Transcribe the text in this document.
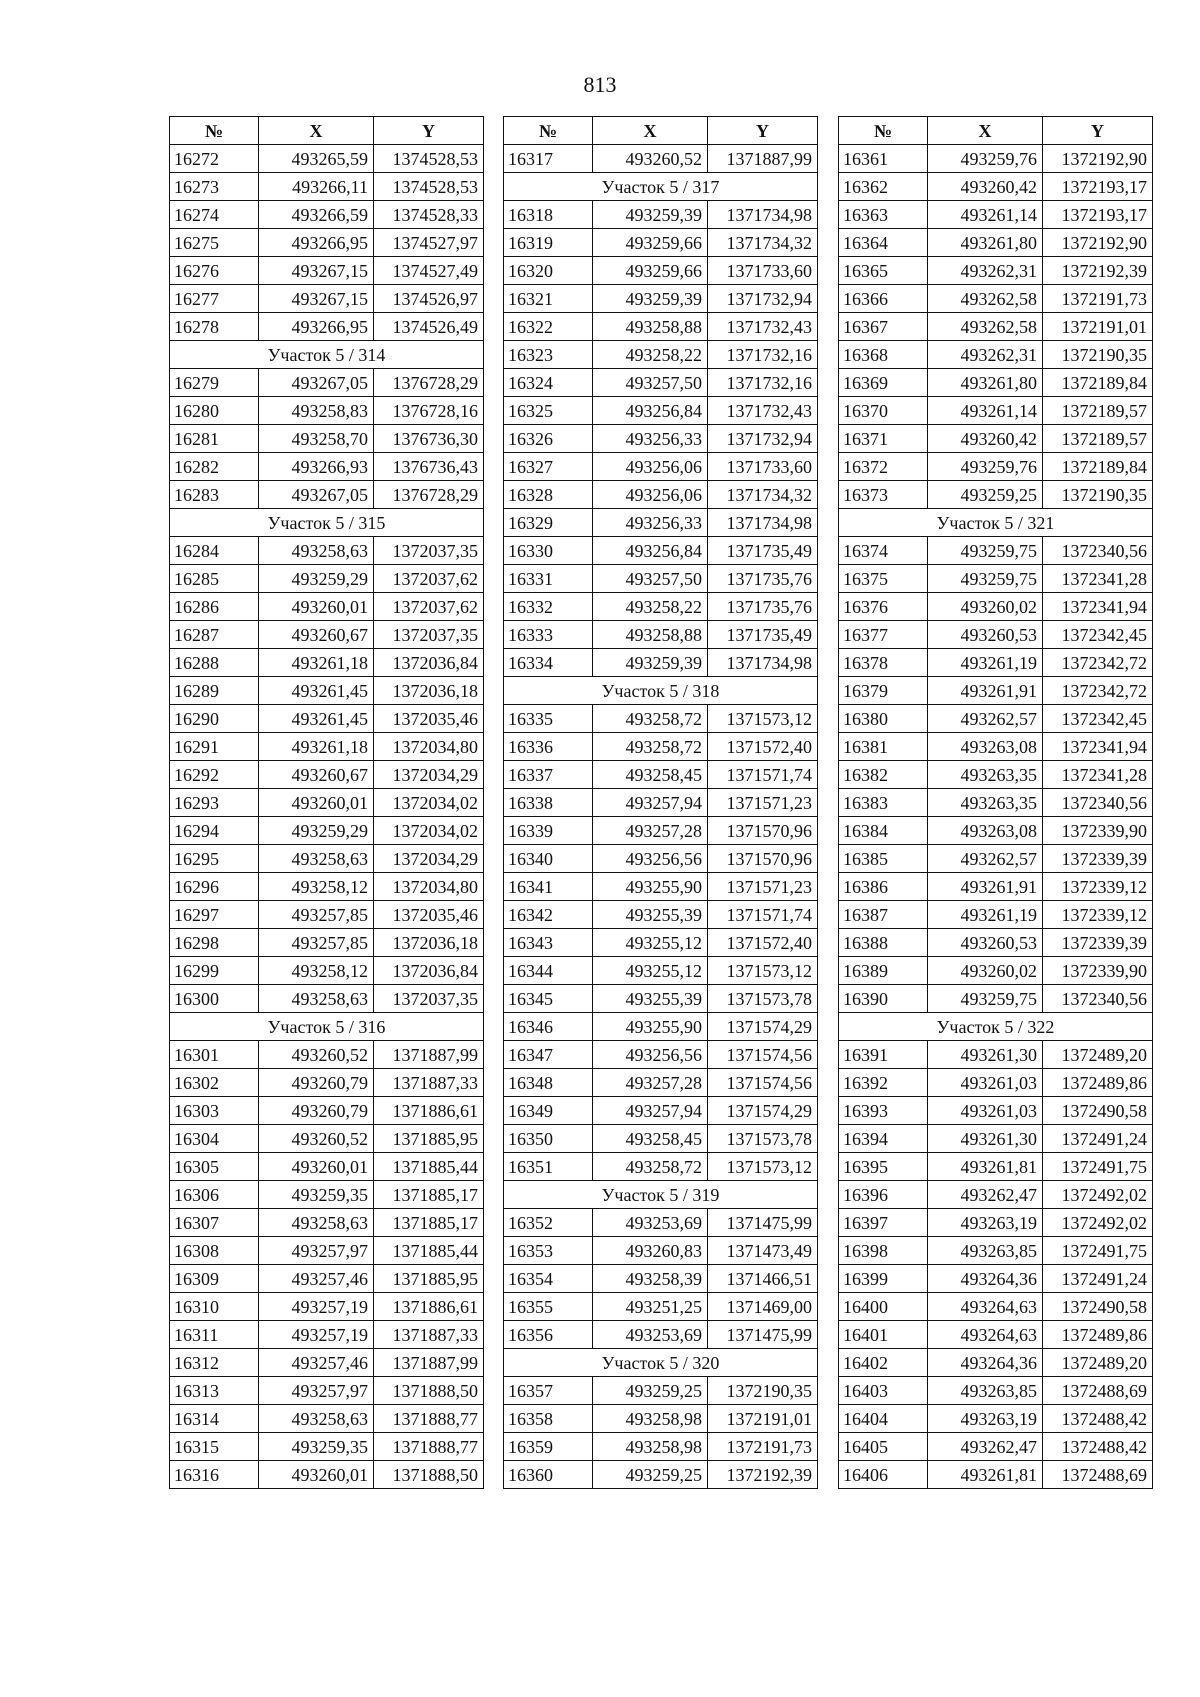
813
№	X	Y
16272	493265,59	1374528,53
16273	493266,11	1374528,53
16274	493266,59	1374528,33
16275	493266,95	1374527,97
16276	493267,15	1374527,49
16277	493267,15	1374526,97
16278	493266,95	1374526,49
Участок 5 / 314		
16279	493267,05	1376728,29
16280	493258,83	1376728,16
16281	493258,70	1376736,30
16282	493266,93	1376736,43
16283	493267,05	1376728,29
Участок 5 / 315		
16284	493258,63	1372037,35
16285	493259,29	1372037,62
16286	493260,01	1372037,62
16287	493260,67	1372037,35
16288	493261,18	1372036,84
16289	493261,45	1372036,18
16290	493261,45	1372035,46
16291	493261,18	1372034,80
16292	493260,67	1372034,29
16293	493260,01	1372034,02
16294	493259,29	1372034,02
16295	493258,63	1372034,29
16296	493258,12	1372034,80
16297	493257,85	1372035,46
16298	493257,85	1372036,18
16299	493258,12	1372036,84
16300	493258,63	1372037,35
Участок 5 / 316		
16301	493260,52	1371887,99
16302	493260,79	1371887,33
16303	493260,79	1371886,61
16304	493260,52	1371885,95
16305	493260,01	1371885,44
16306	493259,35	1371885,17
16307	493258,63	1371885,17
16308	493257,97	1371885,44
16309	493257,46	1371885,95
16310	493257,19	1371886,61
16311	493257,19	1371887,33
16312	493257,46	1371887,99
16313	493257,97	1371888,50
16314	493258,63	1371888,77
16315	493259,35	1371888,77
16316	493260,01	1371888,50
№	X	Y
16317	493260,52	1371887,99
Участок 5 / 317		
16318	493259,39	1371734,98
16319	493259,66	1371734,32
16320	493259,66	1371733,60
16321	493259,39	1371732,94
16322	493258,88	1371732,43
16323	493258,22	1371732,16
16324	493257,50	1371732,16
16325	493256,84	1371732,43
16326	493256,33	1371732,94
16327	493256,06	1371733,60
16328	493256,06	1371734,32
16329	493256,33	1371734,98
16330	493256,84	1371735,49
16331	493257,50	1371735,76
16332	493258,22	1371735,76
16333	493258,88	1371735,49
16334	493259,39	1371734,98
Участок 5 / 318		
16335	493258,72	1371573,12
16336	493258,72	1371572,40
16337	493258,45	1371571,74
16338	493257,94	1371571,23
16339	493257,28	1371570,96
16340	493256,56	1371570,96
16341	493255,90	1371571,23
16342	493255,39	1371571,74
16343	493255,12	1371572,40
16344	493255,12	1371573,12
16345	493255,39	1371573,78
16346	493255,90	1371574,29
16347	493256,56	1371574,56
16348	493257,28	1371574,56
16349	493257,94	1371574,29
16350	493258,45	1371573,78
16351	493258,72	1371573,12
Участок 5 / 319		
16352	493253,69	1371475,99
16353	493260,83	1371473,49
16354	493258,39	1371466,51
16355	493251,25	1371469,00
16356	493253,69	1371475,99
Участок 5 / 320		
16357	493259,25	1372190,35
16358	493258,98	1372191,01
16359	493258,98	1372191,73
16360	493259,25	1372192,39
№	X	Y
16361	493259,76	1372192,90
16362	493260,42	1372193,17
16363	493261,14	1372193,17
16364	493261,80	1372192,90
16365	493262,31	1372192,39
16366	493262,58	1372191,73
16367	493262,58	1372191,01
16368	493262,31	1372190,35
16369	493261,80	1372189,84
16370	493261,14	1372189,57
16371	493260,42	1372189,57
16372	493259,76	1372189,84
16373	493259,25	1372190,35
Участок 5 / 321		
16374	493259,75	1372340,56
16375	493259,75	1372341,28
16376	493260,02	1372341,94
16377	493260,53	1372342,45
16378	493261,19	1372342,72
16379	493261,91	1372342,72
16380	493262,57	1372342,45
16381	493263,08	1372341,94
16382	493263,35	1372341,28
16383	493263,35	1372340,56
16384	493263,08	1372339,90
16385	493262,57	1372339,39
16386	493261,91	1372339,12
16387	493261,19	1372339,12
16388	493260,53	1372339,39
16389	493260,02	1372339,90
16390	493259,75	1372340,56
Участок 5 / 322		
16391	493261,30	1372489,20
16392	493261,03	1372489,86
16393	493261,03	1372490,58
16394	493261,30	1372491,24
16395	493261,81	1372491,75
16396	493262,47	1372492,02
16397	493263,19	1372492,02
16398	493263,85	1372491,75
16399	493264,36	1372491,24
16400	493264,63	1372490,58
16401	493264,63	1372489,86
16402	493264,36	1372489,20
16403	493263,85	1372488,69
16404	493263,19	1372488,42
16405	493262,47	1372488,42
16406	493261,81	1372488,69
